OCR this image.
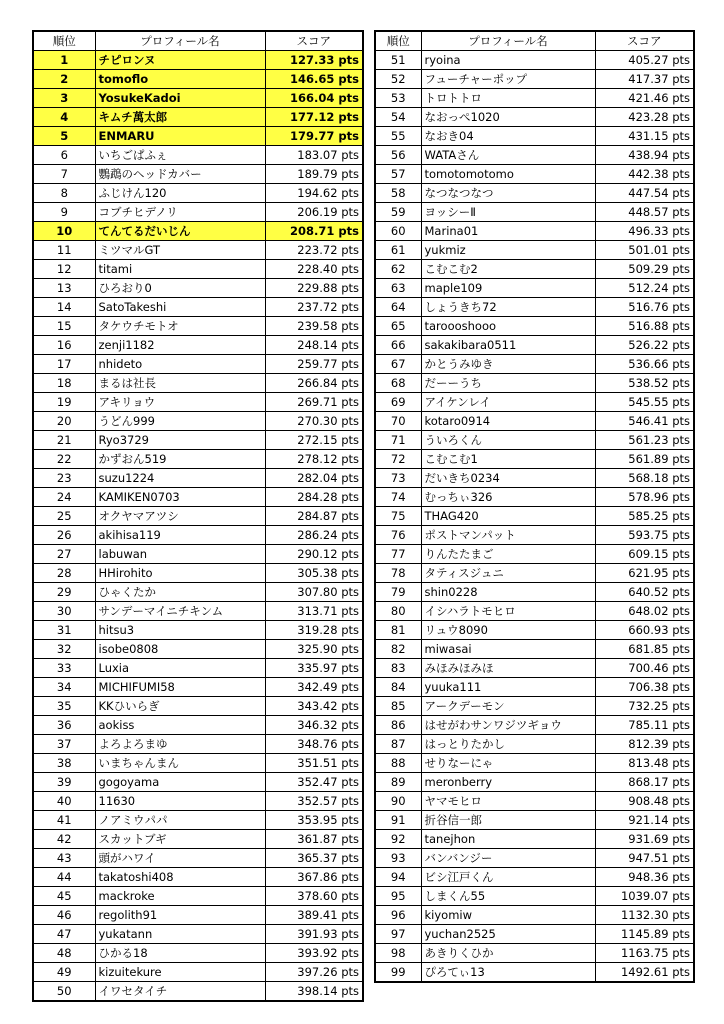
順位	プロフィール名	スコア
1	チピロンヌ	127.33 pts
2	tomoflo	146.65 pts
3	YosukeKadoi	166.04 pts
4	キムチ萬太郎	177.12 pts
5	ENMARU	179.77 pts
6	いちごぱふぇ	183.07 pts
7	鸚鵡のヘッドカバー	189.79 pts
8	ふじけん120	194.62 pts
9	コブチヒデノリ	206.19 pts
10	てんてるだいじん	208.71 pts
11	ミツマルGT	223.72 pts
12	titami	228.40 pts
13	ひろおり0	229.88 pts
14	SatoTakeshi	237.72 pts
15	タケウチモトオ	239.58 pts
16	zenji1182	248.14 pts
17	nhideto	259.77 pts
18	まるは社長	266.84 pts
19	アキリョウ	269.71 pts
20	うどん999	270.30 pts
21	Ryo3729	272.15 pts
22	かずおん519	278.12 pts
23	suzu1224	282.04 pts
24	KAMIKEN0703	284.28 pts
25	オクヤマアツシ	284.87 pts
26	akihisa119	286.24 pts
27	labuwan	290.12 pts
28	HHirohito	305.38 pts
29	ひゃくたか	307.80 pts
30	サンデーマイニチキンム	313.71 pts
31	hitsu3	319.28 pts
32	isobe0808	325.90 pts
33	Luxia	335.97 pts
34	MICHIFUMI58	342.49 pts
35	KKひいらぎ	343.42 pts
36	aokiss	346.32 pts
37	よろよろまゆ	348.76 pts
38	いまちゃんまん	351.51 pts
39	gogoyama	352.47 pts
40	11630	352.57 pts
41	ノアミウパパ	353.95 pts
42	スカットブギ	361.87 pts
43	頭がハワイ	365.37 pts
44	takatoshi408	367.86 pts
45	mackroke	378.60 pts
46	regolith91	389.41 pts
47	yukatann	391.93 pts
48	ひかる18	393.92 pts
49	kizuitekure	397.26 pts
50	イワセタイチ	398.14 pts
順位	プロフィール名	スコア
51	ryoina	405.27 pts
52	フューチャーポップ	417.37 pts
53	トロトトロ	421.46 pts
54	なおっぺ1020	423.28 pts
55	なおき04	431.15 pts
56	WATAさん	438.94 pts
57	tomotomotomo	442.38 pts
58	なつなつなつ	447.54 pts
59	ヨッシーⅡ	448.57 pts
60	Marina01	496.33 pts
61	yukmiz	501.01 pts
62	こむこむ2	509.29 pts
63	maple109	512.24 pts
64	しょうきち72	516.76 pts
65	taroooshooo	516.88 pts
66	sakakibara0511	526.22 pts
67	かとうみゆき	536.66 pts
68	だーーうち	538.52 pts
69	アイケンレイ	545.55 pts
70	kotaro0914	546.41 pts
71	ういろくん	561.23 pts
72	こむこむ1	561.89 pts
73	だいきち0234	568.18 pts
74	むっちぃ326	578.96 pts
75	THAG420	585.25 pts
76	ポストマンパット	593.75 pts
77	りんたたまご	609.15 pts
78	タティスジュニ	621.95 pts
79	shin0228	640.52 pts
80	イシハラトモヒロ	648.02 pts
81	リュウ8090	660.93 pts
82	miwasai	681.85 pts
83	みほみほみほ	700.46 pts
84	yuuka111	706.38 pts
85	アークデーモン	732.25 pts
86	はせがわサンワジツギョウ	785.11 pts
87	はっとりたかし	812.39 pts
88	せりなーにゃ	813.48 pts
89	meronberry	868.17 pts
90	ヤマモヒロ	908.48 pts
91	折谷信一郎	921.14 pts
92	tanejhon	931.69 pts
93	バンバンジー	947.51 pts
94	ビシ江戸くん	948.36 pts
95	しまくん55	1039.07 pts
96	kiyomiw	1132.30 pts
97	yuchan2525	1145.89 pts
98	あきりくひか	1163.75 pts
99	ぴろてぃ13	1492.61 pts
